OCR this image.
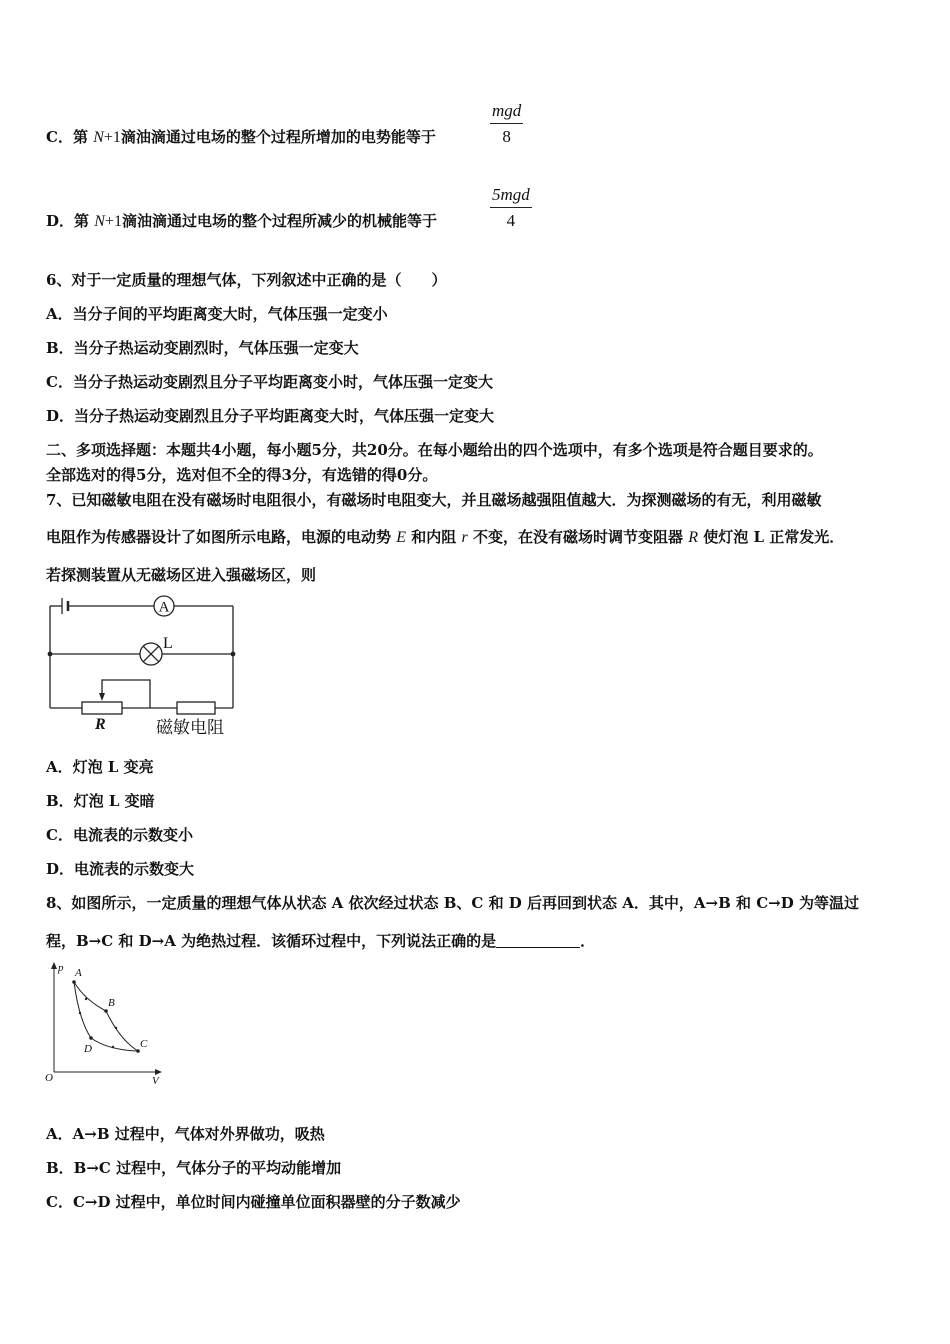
C．第 N+1滴油滴通过电场的整个过程所增加的电势能等于
mgd
8
D．第 N+1滴油滴通过电场的整个过程所减少的机械能等于
5mgd
4
6、对于一定质量的理想气体，下列叙述中正确的是（　　）
A．当分子间的平均距离变大时，气体压强一定变小
B．当分子热运动变剧烈时，气体压强一定变大
C．当分子热运动变剧烈且分子平均距离变小时，气体压强一定变大
D．当分子热运动变剧烈且分子平均距离变大时，气体压强一定变大
二、多项选择题：本题共4小题，每小题5分，共20分。在每小题给出的四个选项中，有多个选项是符合题目要求的。
全部选对的得5分，选对但不全的得3分，有选错的得0分。
7、已知磁敏电阻在没有磁场时电阻很小，有磁场时电阻变大，并且磁场越强阻值越大．为探测磁场的有无，利用磁敏
电阻作为传感器设计了如图所示电路，电源的电动势 E 和内阻 r 不变，在没有磁场时调节变阻器 R 使灯泡 L 正常发光．
若探测装置从无磁场区进入强磁场区，则
A
L
R	磁敏电阻
A．灯泡 L 变亮
B．灯泡 L 变暗
C．电流表的示数变小
D．电流表的示数变大
8、如图所示，一定质量的理想气体从状态 A 依次经过状态 B、C 和 D 后再回到状态 A．其中，A→B 和 C→D 为等温过
程，B→C 和 D→A 为绝热过程．该循环过程中，下列说法正确的是	．
p
V
O
A
B
C
D
A．A→B 过程中，气体对外界做功，吸热
B．B→C 过程中，气体分子的平均动能增加
C．C→D 过程中，单位时间内碰撞单位面积器壁的分子数减少
